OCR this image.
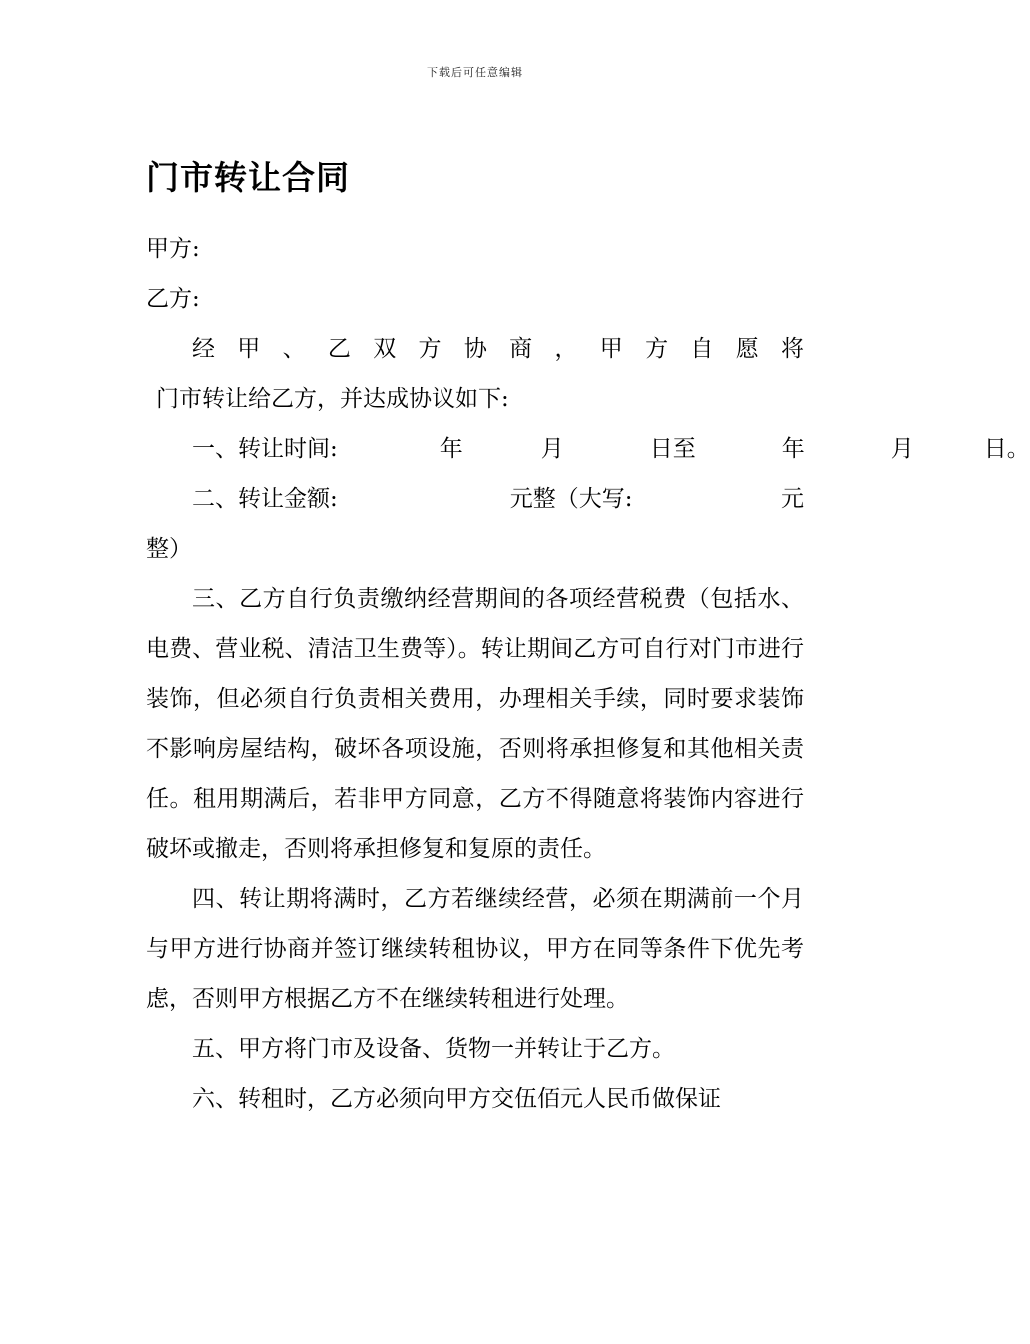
下载后可任意编辑
门市转让合同

甲方:

乙方:

经甲、乙双方协商，甲方自愿将

门市转让给乙方，并达成协议如下:

一、转让时间:	年	月	日至	年	月	日。

二、转让金额:	元整（大写:	元

整）

三、乙方自行负责缴纳经营期间的各项经营税费（包括水、电费、营业税、清洁卫生费等）。转让期间乙方可自行对门市进行装饰，但必须自行负责相关费用，办理相关手续，同时要求装饰不影响房屋结构，破坏各项设施，否则将承担修复和其他相关责任。租用期满后，若非甲方同意，乙方不得随意将装饰内容进行破坏或撤走，否则将承担修复和复原的责任。

四、转让期将满时，乙方若继续经营，必须在期满前一个月与甲方进行协商并签订继续转租协议，甲方在同等条件下优先考虑，否则甲方根据乙方不在继续转租进行处理。

五、甲方将门市及设备、货物一并转让于乙方。

六、转租时，乙方必须向甲方交伍佰元人民币做保证
